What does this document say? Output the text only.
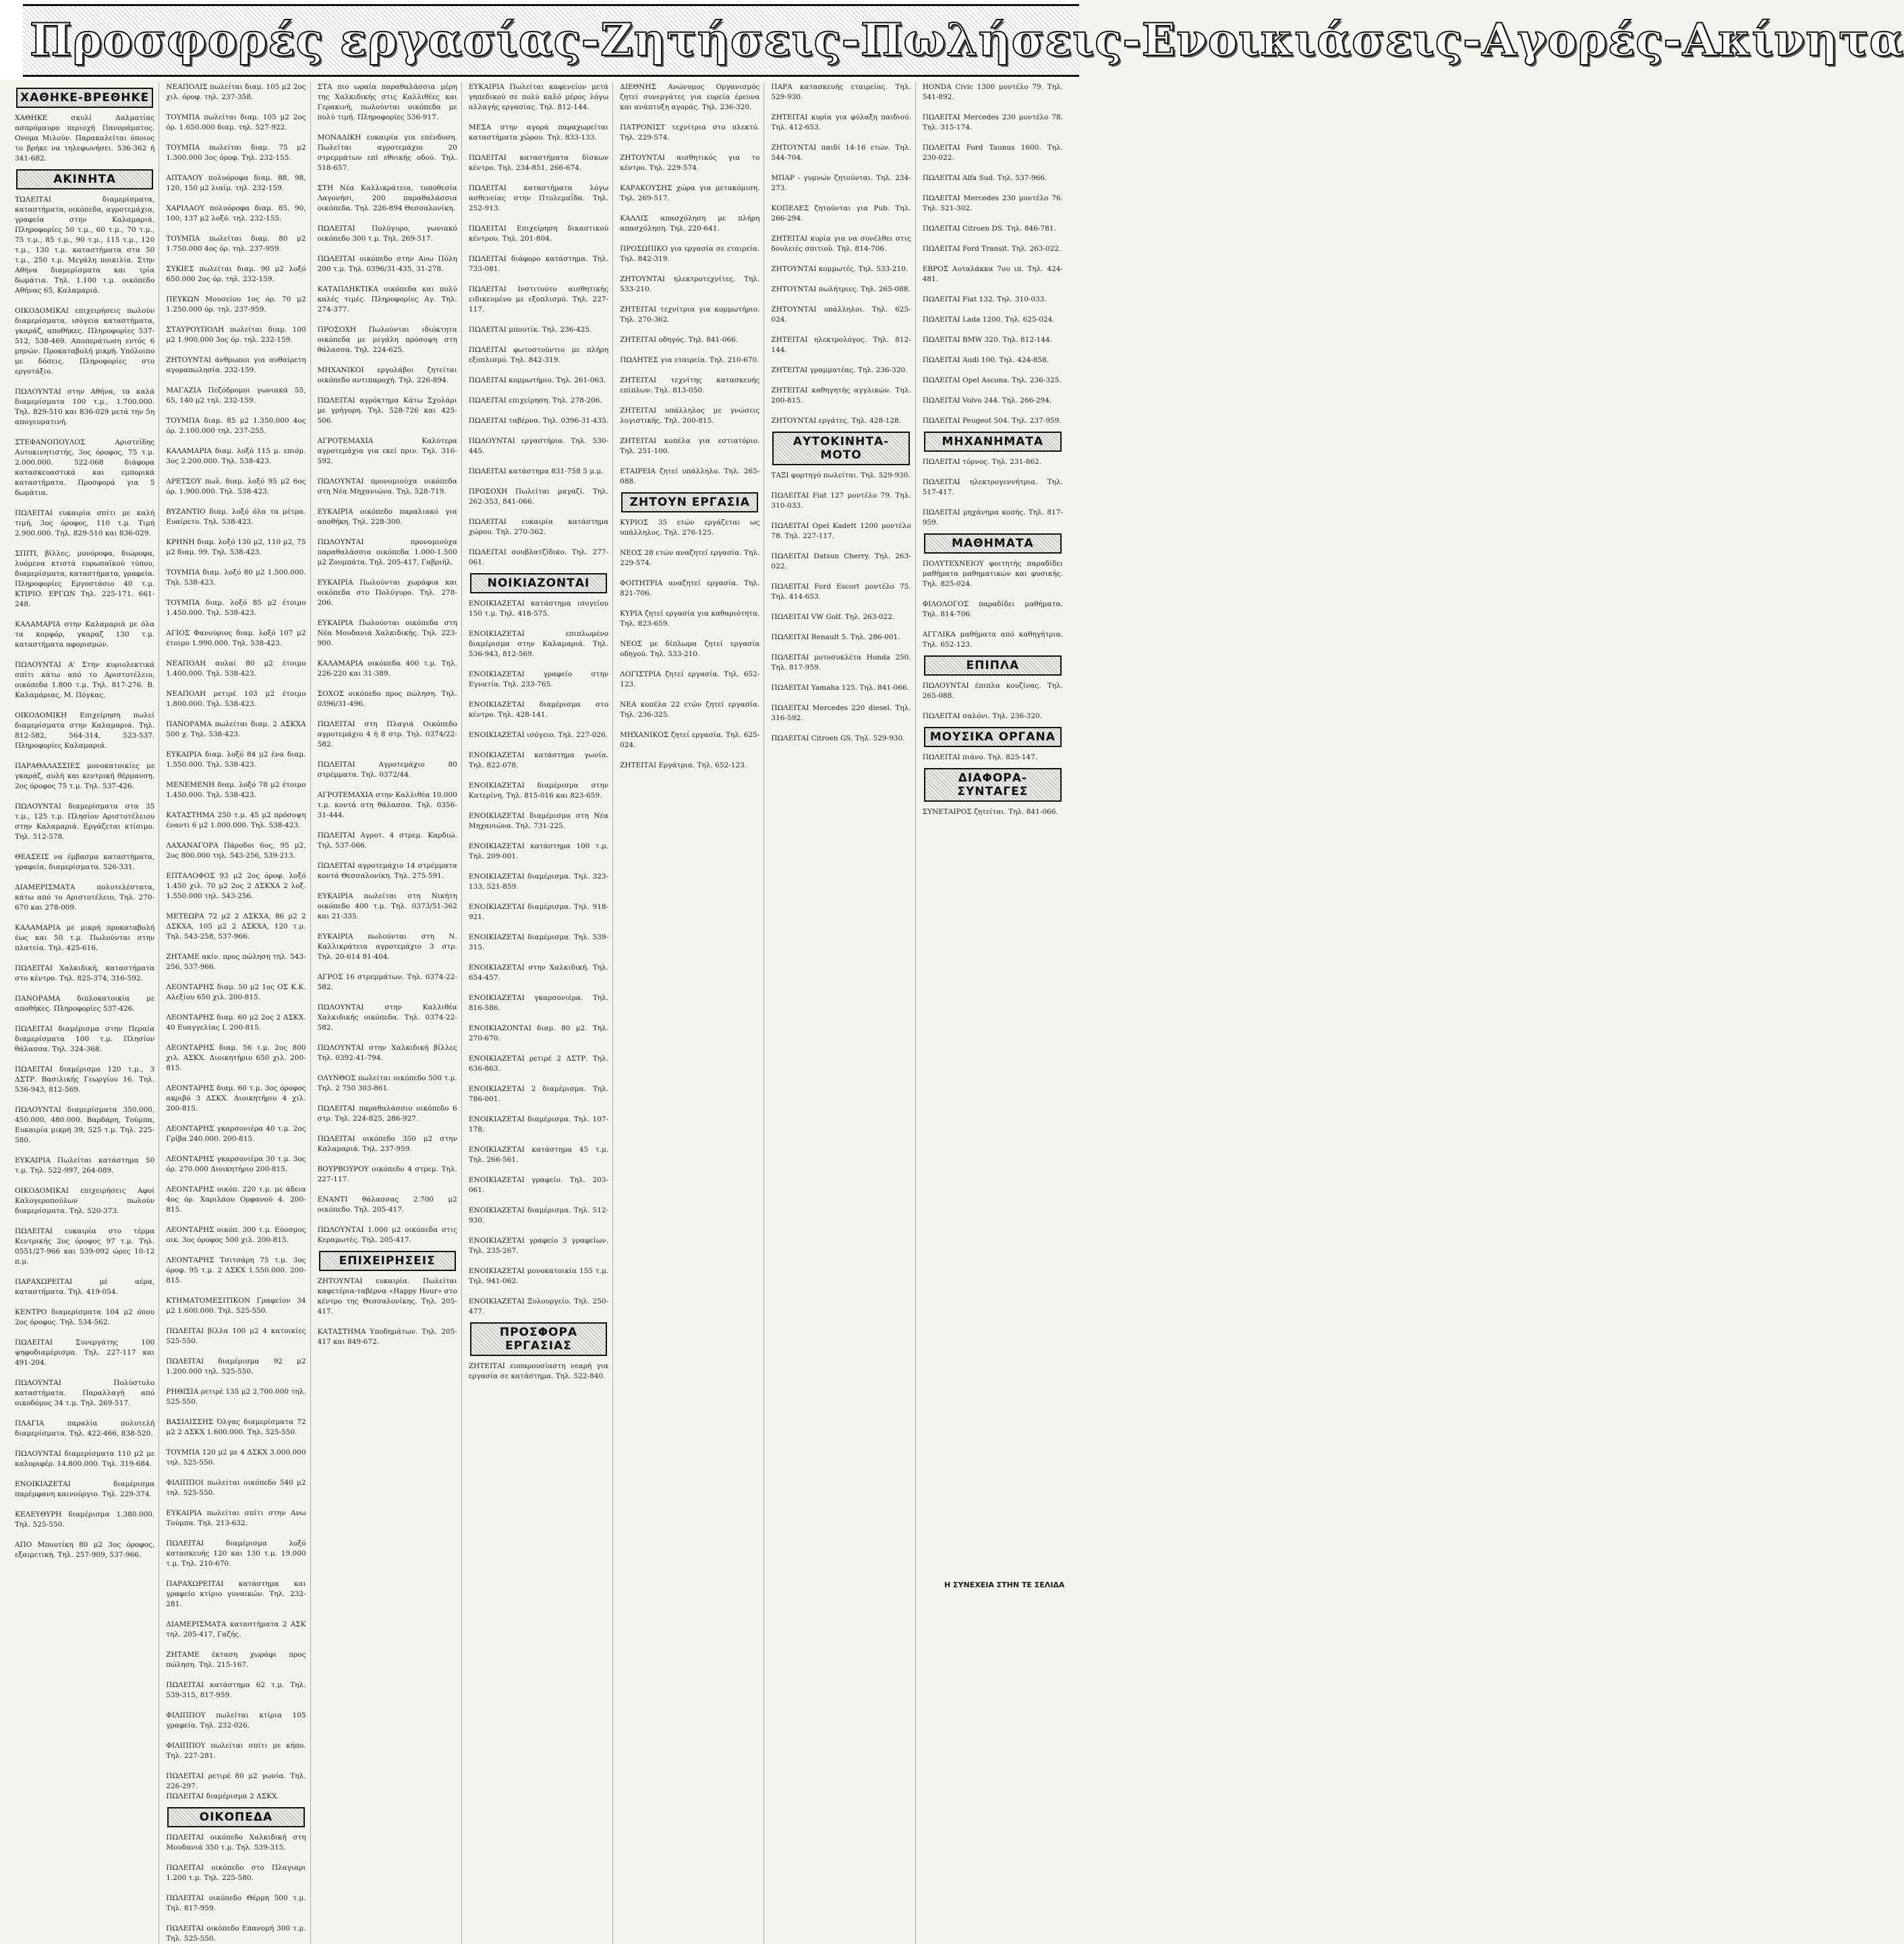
Προσφορές εργασίας-Ζητήσεις-Πωλήσεις-Ενοικιάσεις-Αγορές-Ακίνητα
ΧΑΘΗΚΕ-ΒΡΕΘΗΚΕ
ΧΑΘΗΚΕ σκυλί Δαλματίας ασπρόμαυρο περιοχή Πανοράματος. Ονομα Μιλούν. Παρακαλείται όποιος το βρήκε να τηλεφωνήσει. 536-362 ή 341-682.
ΑΚΙΝΗΤΑ
ΤΩΛΕΙΤΑΙ διαμερίσματα, καταστήματα, οικόπεδα, αγροτεμάχια, γραφεία στην Καλαμαριά. Πληροφορίες 50 τ.μ., 60 τ.μ., 70 τ.μ., 75 τ.μ., 85 τ.μ., 90 τ.μ., 115 τ.μ., 120 τ.μ., 130 τ.μ. καταστήματα στα 50 τ.μ., 250 τ.μ. Μεγάλη ποικιλία. Στην Αθήνα διαμερίσματα και τρία δωμάτια. Τηλ. 1.100 τ.μ. οικόπεδο Αθήνας 65, Καλαμαριά.

ΟΙΚΟΔΟΜΙΚΑΙ επιχειρήσεις πωλούν διαμερίσματα, ισόγεια καταστήματα, γκαράζ, αποθήκες. Πληροφορίες 537-512, 538-469. Αποπεράτωση εντός 6 μηνών. Προκαταβολή μικρή. Υπόλοιπο με δόσεις. Πληροφορίες στο εργοτάξιο.

ΠΩΛΟΥΝΤΑΙ στην Αθήνα, τα καλά διαμερίσματα 100 τ.μ., 1.700.000. Τηλ. 829-510 και 836-029 μετά την 5η απογευματινή.

ΣΤΕΦΑΝΟΠΟΥΛΟΣ Αριστείδης Αυτοκινητιστής, 3ος όροφος, 75 τ.μ. 2.000.000. 522-068 διάφορα κατασκευαστικά και εμπορικά καταστήματα. Προσφορά για 5 δωμάτια.

ΠΩΛΕΙΤΑΙ ευκαιρία σπίτι με καλή τιμή, 3ος όροφος, 110 τ.μ. Τιμή 2.900.000. Τηλ. 829-510 και 836-029.

ΣΠΙΤΙ, βίλλες, μονόροφα, διώροφα, λυόμενα κτιστά ευρωπαϊκού τύπου, διαμερίσματα, καταστήματα, γραφεία. Πληροφορίες Εργοστάσιο 40 τ.μ. ΚΤΙΡΙΟ. ΕΡΓΩΝ Τηλ. 225-171. 661-248.

ΚΑΛΑΜΑΡΙΑ στην Καλαμαριά με όλα τα κομφόρ, γκαραζ 130 τ.μ. καταστήματα αφορισμών.

ΠΩΛΟΥΝΤΑΙ Α' Στην κυριολεκτικά σπίτι κάτω από το Αριστοτέλειο, οικόπεδα 1.800 τ.μ. Τηλ. 817-276. Β. Καλαμάριας, Μ. Πόγκας.

ΟΙΚΟΔΟΜΙΚΗ Επιχείρηση πωλεί διαμερίσματα στην Καλαμαριά. Τηλ. 812-582, 564-314, 523-537. Πληροφορίες Καλαμαριά.

ΠΑΡΑΘΑΛΑΣΣΙΕΣ μονοκατοικίες με γκαράζ, αυλή και κεντρική θέρμανση. 2ος όροφος 75 τ.μ. Τηλ. 537-426.

ΠΩΛΟΥΝΤΑΙ διαμερίσματα στα 35 τ.μ., 125 τ.μ. Πλησίον Αριστοτέλειου στην Καλαμαριά. Εργάζεται κτίσιμο. Τηλ. 512-578.

ΘΕΑΣΕΙΣ να έμβασμα καταστήματα, γραφεία, διαμερίσματα. 526-331.

ΔΙΑΜΕΡΙΣΜΑΤΑ πολυτελέστατα, κάτω από το Αριστοτέλειο, Τηλ. 270-670 και 278-009.

ΚΑΛΑΜΑΡΙΑ με μικρή προκαταβολή έως και 50 τ.μ. Πωλούνται στην πλατεία. Τηλ. 425-616.

ΠΩΛΕΙΤΑΙ Χαλκιδική, καταστήματα στο κέντρο. Τηλ. 825-374, 316-592.

ΠΑΝΟΡΑΜΑ διπλοκατοικία με αποθήκες. Πληροφορίες 537-426.

ΠΩΛΕΙΤΑΙ διαμέρισμα στην Περαία διαμερίσματα 100 τ.μ. Πλησίον θάλασσα. Τηλ. 324-368.

ΠΩΛΕΙΤΑΙ διαμέρισμα 120 τ.μ., 3 ΔΣΤΡ. Βασιλικής Γεωργίου 16. Τηλ. 536-943, 812-569.

ΠΩΛΟΥΝΤΑΙ διαμερίσματα 350.000, 450.000, 480.000. Βαρδάρη, Τούμπα, Ευκαιρία μικρή 39, 525 τ.μ. Τηλ. 225-580.

ΕΥΚΑΙΡΙΑ Πωλείται κατάστημα 50 τ.μ. Τηλ. 522-997, 264-089.

ΟΙΚΟΔΟΜΙΚΑΙ επιχειρήσεις Αφοί Καλογεροπούλων πωλούν διαμερίσματα. Τηλ. 520-373.

ΠΩΛΕΙΤΑΙ ευκαιρία στο τέρμα Κεντρικής 2ος όροφος 97 τ.μ. Τηλ. 0551/27-966 και 539-092 ώρες 10-12 π.μ.

ΠΑΡΑΧΩΡΕΙΤΑΙ μέ αέρα, καταστήματα. Τηλ. 419-054.

ΚΕΝΤΡΟ διαμερίσματα 104 μ2 όπου 2ος όροφος. Τηλ. 534-562.

ΠΩΛΕΙΤΑΙ Συνεργάτης 100 ψηφοδιαμέρισμα. Τηλ. 227-117 και 491-204.

ΠΩΛΟΥΝΤΑΙ Πολύστυλο καταστήματα. Παραλλαγή από οικοδόμος 34 τ.μ. Τηλ. 269-517.

ΠΛΑΓΙΑ παραλία πολυτελή διαμερίσματα. Τηλ. 422-466, 838-520.

ΠΩΛΟΥΝΤΑΙ διαμερίσματα 110 μ2 με καλοριφέρ. 14.800.000. Τηλ. 319-684.

ΕΝΟΙΚΙΑΖΕΤΑΙ διαμέρισμα παρέμφανη καινούργιο. Τηλ. 229-374.

ΚΕΛΕΥΘΥΡΗ διαμέρισμα 1.380.000. Τηλ. 525-550.

ΑΠΟ Μπουτίκη 80 μ2 3ος όροφος, εξαιρετική. Τηλ. 257-909, 537-966.
ΝΕΑΠΟΛΙΣ πωλείται διαμ. 105 μ2 2ος χιλ. όροφ. τηλ. 237-358.

ΤΟΥΜΠΑ πωλείται διαμ. 105 μ2 2ος όρ. 1.650.000 διαμ. τηλ. 527-922.

ΤΟΥΜΠΑ πωλείται διαμ. 75 μ2 1.300.000 3ος όροφ. Τηλ. 232-155.

ΑΠΤΑΛΟΥ πολυόροφα διαμ. 88, 98, 120, 150 μ2 λιαίμ. τηλ. 232-159.

ΧΑΡΙΛΑΟΥ πολυόροφα διαμ. 85, 90, 100, 137 μ2 λοξό. τηλ. 232-155.

ΤΟΥΜΠΑ πωλείται διαμ. 80 μ2 1.750.000 4ος όρ. τηλ. 237-959.

ΣΥΚΙΕΣ πωλείται διαμ. 90 μ2 λοξό 650.000 2ος όρ. τηλ. 232-159.

ΠΕΥΚΩΝ Μουσείου 1ος όρ. 70 μ2 1.250.000 όρ. τηλ. 237-959.

ΣΤΑΥΡΟΥΠΟΛΗ πωλείται διαμ. 100 μ2 1.900.000 3ος όρ. τηλ. 232-159.

ΖΗΤΟΥΝΤΑΙ άνθρωποι για αυθαίρετη αγοραπωλησία. 232-159.

ΜΑΓΑΖΙΑ Πεζόδρομοι γωνιακά 55, 65, 140 μ2 τηλ. 232-159.

ΤΟΥΜΠΑ διαμ. 85 μ2 1.350.000 4ος όρ. 2.100.000 τηλ. 237-255.

ΚΑΛΑΜΑΡΙΑ διαμ. λοξό 115 μ. επιόμ. 3ος 2.200.000. Τηλ. 538-423.

ΑΡΕΤΣΟΥ πωλ. διαμ. λοξό 95 μ2 6ος όρ. 1.900.000. Τηλ. 538-423.

ΒΥΖΑΝΤΙΟ διαμ. λοξό όλα τα μέτρα. Ευαίρετο. Τηλ. 538-423.

ΚΡΗΝΗ διαμ. λοξό 130 μ2, 110 μ2, 75 μ2 διαμ. 99. Τηλ. 538-423.

ΤΟΥΜΠΑ διαμ. λοξό 80 μ2 1.500.000. Τηλ. 538-423.

ΤΟΥΜΠΑ διαμ. λοξό 85 μ2 έτοιμο 1.450.000. Τηλ. 538-423.

ΑΓΙΟΣ Φανούριος διαμ. λοξό 107 μ2 έτοιμο 1.990.000. Τηλ. 538-423.

ΝΕΑΠΟΛΗ αυλαί 80 μ2 έτοιμο 1.400.000. Τηλ. 538-423.

ΝΕΑΠΟΛΗ ρετιρέ 103 μ2 έτοιμο 1.800.000. Τηλ. 538-423.

ΠΑΝΟΡΑΜΑ πωλείται διαμ. 2 ΔΣΚΧΑ 500 χ. Τηλ. 538-423.

ΕΥΚΑΙΡΙΑ διαμ. λοξό 84 μ2 ένα διαμ. 1.550.000. Τηλ. 538-423.

ΜΕΝΕΜΕΝΗ διαμ. λοξό 78 μ2 έτοιμο 1.450.000. Τηλ. 538-423.

ΚΑΤΑΣΤΗΜΑ 250 τ.μ. 45 μ2 πρόσοψη έναντι 6 μ2 1.000.000. Τηλ. 538-423.

ΛΑΧΑΝΑΓΟΡΑ Πάροδοι 6ος, 95 μ2, 2ος 800.000 τηλ. 543-256, 539-213.

ΕΠΤΑΛΟΦΟΣ 93 μ2 2ος όροφ. λοξό 1.450 χιλ. 70 μ2 2ος 2 ΔΣΚΧΑ 2 λοξ. 1.550.000 τηλ. 543-256.

ΜΕΤΕΩΡΑ 72 μ2 2 ΔΣΚΧΑ, 86 μ2 2 ΔΣΚΧΑ, 105 μ2 2 ΔΣΚΧΑ, 120 τ.μ. Τηλ. 543-258, 537-966.

ΖΗΤΑΜΕ ακίν. προς πώληση τηλ. 543-256, 537-966.

ΛΕΟΝΤΑΡΗΣ διαμ. 50 μ2 1ος ΟΣ Κ.Κ. Αλεξίου 650 χιλ. 200-815.

ΛΕΟΝΤΑΡΗΣ διαμ. 60 μ2 2ος 2 ΔΣΚΧ. 40 Ευαγγελίας Ι. 200-815.

ΛΕΟΝΤΑΡΗΣ διαμ. 56 τ.μ. 2ος 800 χιλ. ΑΣΚΧ. Διοικητήριο 650 χιλ. 200-815.

ΛΕΟΝΤΑΡΗΣ διαμ. 60 τ.μ. 3ος όροφος ακριβό 3 ΔΣΚΧ. Διοικητήριο 4 χιλ. 200-815.

ΛΕΟΝΤΑΡΗΣ γκαρσονιέρα 40 τ.μ. 2ος Γρίβα 240.000. 200-815.

ΛΕΟΝΤΑΡΗΣ γκαρσονιέρα 30 τ.μ. 3ος όρ. 270.000 Διοικητήριο 200-815.

ΛΕΟΝΤΑΡΗΣ οικόπ. 220 τ.μ. με άδεια 4ος όρ. Χαριλάου Ορφανού 4. 200-815.

ΛΕΟΝΤΑΡΗΣ οικόπ. 300 τ.μ. Εύοσμος οικ. 3ος όροφος 500 χιλ. 200-815.

ΛΕΟΝΤΑΡΗΣ Τσιτσάρη 75 τ.μ. 3ος όροφ. 95 τ.μ. 2 ΔΣΚΧ 1.550.000. 200-815.

ΚΤΗΜΑΤΟΜΕΣΙΤΙΚΟΝ Γραφείον 34 μ2 1.600.000. Τηλ. 525-550.

ΠΩΛΕΙΤΑΙ βίλλα 100 μ2 4 κατοικίες 525-550.

ΠΩΛΕΙΤΑΙ διαμέρισμα 92 μ2 1.200.000 τηλ. 525-550.

ΡΗΘΙΣΙΑ ρετιρέ 135 μ2 2.700.000 τηλ. 525-550.

ΒΑΣΙΛΙΣΣΗΣ Όλγας διαμερίσματα 72 μ2 2 ΔΣΚΧ 1.600.000. Τηλ. 525-550.

ΤΟΥΜΠΑ 120 μ2 με 4 ΔΣΚΧ 3.000.000 τηλ. 525-550.

ΦΙΛΙΠΠΟΙ πωλείται οικόπεδο 540 μ2 τηλ. 525-550.

ΕΥΚΑΙΡΙΑ πωλείται σπίτι στην Ανω Τούμπα. Τηλ. 213-632.

ΠΩΛΕΙΤΑΙ διαμέρισμα λοξό κατασκευής 120 και 130 τ.μ. 19.000 τ.μ. Τηλ. 210-670.

ΠΑΡΑΧΩΡΕΙΤΑΙ κατάστημα και γραφείο κτίριο γυναικών. Τηλ. 232-281.

ΔΙΑΜΕΡΙΣΜΑΤΑ καταστήματα 2 ΑΣΚ τηλ. 205-417, Γαζής.

ΖΗΤΑΜΕ έκταση χωράφι προς πώληση. Τηλ. 215-167.

ΠΩΛΕΙΤΑΙ κατάστημα 62 τ.μ. Τηλ. 539-315, 817-959.

ΦΙΛΙΠΠΟΥ πωλείται κτίρια 105 γραφεία. Τηλ. 232-026.

ΦΙΛΙΠΠΟΥ πωλείται σπίτι με κήπο. Τηλ. 227-281.

ΠΩΛΕΙΤΑΙ ρετιρέ 80 μ2 γωνία. Τηλ. 226-297.
ΠΩΛΕΙΤΑΙ διαμέρισμα 2 ΔΣΚΧ.
ΟΙΚΟΠΕΔΑ
ΠΩΛΕΙΤΑΙ οικόπεδο Χαλκιδική στη Μουδανιά 350 τ.μ. Τηλ. 539-315.

ΠΩΛΕΙΤΑΙ οικόπεδο στο Πλαγιαρι 1.200 τ.μ. Τηλ. 225-580.

ΠΩΛΕΙΤΑΙ οικόπεδο Θέρμη 500 τ.μ. Τηλ. 817-959.

ΠΩΛΕΙΤΑΙ οικόπεδο Επανομή 300 τ.μ. Τηλ. 525-550.
ΣΤΑ πιο ωραία παραθαλάσσια μέρη της Χαλκιδικής στις Καλλιθέες και Γερακινή, πωλούνται οικόπεδα με πολύ τιμή. Πληροφορίες 536-917.

ΜΟΝΑΔΙΚΗ ευκαιρία για επένδυση. Πωλείται αγροτεμάχιο 20 στρεμμάτων επί εθνικής οδού. Τηλ. 518-657.

ΣΤΗ Νέα Καλλικράτεια, τοποθεσία Λαγονήσι, 200 παραθαλάσσια οικόπεδα. Τηλ. 226-894 Θεσσαλονίκη.

ΠΩΛΕΙΤΑΙ Πολύγυρο, γωνιακό οικόπεδο 300 τ.μ. Τηλ. 269-517.

ΠΩΛΕΙΤΑΙ οικόπεδο στην Ανω Πόλη 200 τ.μ. Τηλ. 0396/31-435, 31-278.

ΚΑΤΑΠΛΗΚΤΙΚΑ οικόπεδα και πολύ καλές τιμές. Πληροφορίες Αγ. Τηλ. 274-377.

ΠΡΟΣΟΧΗ Πωλούνται ιδιόκτητα οικόπεδα με μεγάλη πρόσοψη στη θάλασσα. Τηλ. 224-625.

ΜΗΧΑΝΙΚΟΙ εργολάβοι ζητείται οικόπεδο αντιπαροχή. Τηλ. 226-894.

ΠΩΛΕΙΤΑΙ αγρόκτημα Κάτω Σχολάρι με γρήγορη. Τηλ. 528-726 και 425-506.

ΑΓΡΟΤΕΜΑΧΙΑ Καλύτερα αγροτεμάχια για εκεί πριν. Τηλ. 316-592.

ΠΩΛΟΥΝΤΑΙ προνομιούχα οικόπεδα στη Νέα Μηχανιώνα. Τηλ. 528-719.

ΕΥΚΑΙΡΙΑ οικόπεδο παραλιακό για αποθήκη. Τηλ. 228-300.

ΠΩΛΟΥΝΤΑΙ προνομιούχα παραθαλάσσια οικόπεδα 1.000-1.500 μ2 Ζουμπάτα. Τηλ. 205-417, Γαβριήλ.

ΕΥΚΑΙΡΙΑ Πωλούνται χωράφια και οικόπεδα στο Πολύγυρο. Τηλ. 278-206.

ΕΥΚΑΙΡΙΑ Πωλούνται οικόπεδα στη Νέα Μουδανιά Χαλκιδικής. Τηλ. 223-900.

ΚΑΛΑΜΑΡΙΑ οικόπεδα 400 τ.μ. Τηλ. 226-220 και 31-389.

ΣΟΧΟΣ οικόπεδο προς πώληση. Τηλ. 0396/31-496.

ΠΩΛΕΙΤΑΙ στη Πλαγιά Οικόπεδο αγροτεμάχιο 4 ή 8 στρ. Τηλ. 0374/22-582.

ΠΩΛΕΙΤΑΙ Αγροτεμάχιο 80 στρέμματα. Τηλ. 0372/44.

ΑΓΡΟΤΕΜΑΧΙΑ στην Καλλιθέα 10.000 τ.μ. κοντά στη θάλασσα. Τηλ. 0356-31-444.

ΠΩΛΕΙΤΑΙ Αγροτ. 4 στρεμ. Καρδιώ. Τηλ. 537-066.

ΠΩΛΕΙΤΑΙ αγροτεμάχιο 14 στρέμματα κοντά Θεσσαλονίκη. Τηλ. 275-591.

ΕΥΚΑΙΡΙΑ πωλείται στη Νικήτη οικόπεδο 400 τ.μ. Τηλ. 0373/51-362 και 21-335.

ΕΥΚΑΙΡΙΑ πωλούνται στη Ν. Καλλικράτεια αγροτεμάχιο 3 στρ. Τηλ. 20-614 81-404.

ΑΓΡΟΣ 16 στρεμμάτων. Τηλ. 0374-22-582.

ΠΩΛΟΥΝΤΑΙ στην Καλλιθέα Χαλκιδικής οικόπεδα. Τηλ. 0374-22-582.

ΠΩΛΟΥΝΤΑΙ στην Χαλκιδική βίλλες Τηλ. 0392-41-794.

ΟΛΥΝΘΟΣ πωλείται οικόπεδο 500 τ.μ. Τηλ. 2 750 303-861.

ΠΩΛΕΙΤΑΙ παραθαλάσσιο οικόπεδο 6 στρ. Τηλ. 224-825, 286-927.

ΠΩΛΕΙΤΑΙ οικόπεδο 350 μ2 στην Καλαμαριά. Τηλ. 237-959.

ΒΟΥΡΒΟΥΡΟΥ οικόπεδο 4 στρεμ. Τηλ. 227-117.

ΕΝΑΝΤΙ θάλασσας 2.700 μ2 οικόπεδο. Τηλ. 205-417.

ΠΩΛΟΥΝΤΑΙ 1.000 μ2 οικόπεδα στις Κεραμωτές. Τηλ. 205-417.
ΕΠΙΧΕΙΡΗΣΕΙΣ
ΖΗΤΟΥΝΤΑΙ ευκαιρία. Πωλείται καφετέρια-ταβέρνα «Happy Hour» στο κέντρο της Θεσσαλονίκης. Τηλ. 205-417.

ΚΑΤΑΣΤΗΜΑ Υποδημάτων. Τηλ. 205-417 και 849-672.
ΕΥΚΑΙΡΙΑ Πωλείται καφενείον μετά γηπεδικού σε πολύ καλό μέρος λόγω αλλαγής εργασίας. Τηλ. 812-144.

ΜΕΣΑ στην αγορά παραχωρείται καταστήματα χώρου. Τηλ. 833-133.

ΠΩΛΕΙΤΑΙ καταστήματα δίσκων κέντρο. Τηλ. 234-851, 266-674.

ΠΩΛΕΙΤΑΙ καταστήματα λόγω ασθενείας στην Πτολεμαΐδα. Τηλ. 252-913.

ΠΩΛΕΙΤΑΙ Επιχείρηση δικαστικού κέντρου. Τηλ. 201-804.

ΠΩΛΕΙΤΑΙ διάφορο κατάστημα. Τηλ. 733-081.

ΠΩΛΕΙΤΑΙ Ινστιτούτο αισθητικής ειδικευμένο με εξοπλισμό. Τηλ. 227-117.

ΠΩΛΕΙΤΑΙ μπουτίκ. Τηλ. 236-425.

ΠΩΛΕΙΤΑΙ φωτοστούντιο με πλήρη εξοπλισμό. Τηλ. 842-319.

ΠΩΛΕΙΤΑΙ κομμωτήριο. Τηλ. 261-063.

ΠΩΛΕΙΤΑΙ επιχείρηση. Τηλ. 278-206.

ΠΩΛΕΙΤΑΙ ταβέρνα. Τηλ. 0396-31-435.

ΠΩΛΟΥΝΤΑΙ εργαστήρια. Τηλ. 530-445.

ΠΩΛΕΙΤΑΙ κατάστημα 831-758 5 μ.μ.

ΠΡΟΣΟΧΗ Πωλείται μαγαζί. Τηλ. 262-353, 841-066.

ΠΩΛΕΙΤΑΙ ευκαιρία κατάστημα χώρου. Τηλ. 270-362.

ΠΩΛΕΙΤΑΙ σουβλατζίδικο. Τηλ. 277-061.
ΝΟΙΚΙΑΖΟΝΤΑΙ
ΕΝΟΙΚΙΑΖΕΤΑΙ κατάστημα ισογείου 150 τ.μ. Τηλ. 418-575.

ΕΝΟΙΚΙΑΖΕΤΑΙ επιπλωμένο διαμέρισμα στην Καλαμαριά. Τηλ. 536-943, 812-569.

ΕΝΟΙΚΙΑΖΕΤΑΙ γραφείο στην Εγνατία. Τηλ. 233-765.

ΕΝΟΙΚΙΑΖΕΤΑΙ διαμέρισμα στο κέντρο. Τηλ. 428-141.

ΕΝΟΙΚΙΑΖΕΤΑΙ ισόγειο. Τηλ. 227-026.

ΕΝΟΙΚΙΑΖΕΤΑΙ κατάστημα γωνία. Τηλ. 822-078.

ΕΝΟΙΚΙΑΖΕΤΑΙ διαμέρισμα στην Κατερίνη. Τηλ. 815-016 και 823-659.

ΕΝΟΙΚΙΑΖΕΤΑΙ διαμέρισμα στη Νέα Μηχανιώνα. Τηλ. 731-225.

ΕΝΟΙΚΙΑΖΕΤΑΙ κατάστημα 100 τ.μ. Τηλ. 209-001.

ΕΝΟΙΚΙΑΖΕΤΑΙ διαμέρισμα. Τηλ. 323-133, 521-859.

ΕΝΟΙΚΙΑΖΕΤΑΙ διαμέρισμα. Τηλ. 918-921.

ΕΝΟΙΚΙΑΖΕΤΑΙ διαμέρισμα. Τηλ. 539-315.

ΕΝΟΙΚΙΑΖΕΤΑΙ στην Χαλκιδική. Τηλ. 654-457.

ΕΝΟΙΚΙΑΖΕΤΑΙ γκαρσονιέρα. Τηλ. 816-586.

ΕΝΟΙΚΙΑΖΟΝΤΑΙ διαμ. 80 μ2. Τηλ. 270-670.

ΕΝΟΙΚΙΑΖΕΤΑΙ ρετιρέ 2 ΔΣΤΡ. Τηλ. 636-863.

ΕΝΟΙΚΙΑΖΕΤΑΙ 2 διαμέρισμα. Τηλ. 786-001.

ΕΝΟΙΚΙΑΖΕΤΑΙ διαμέρισμα. Τηλ. 107-178.

ΕΝΟΙΚΙΑΖΕΤΑΙ κατάστημα 45 τ.μ. Τηλ. 266-561.

ΕΝΟΙΚΙΑΖΕΤΑΙ γραφείο. Τηλ. 203-061.

ΕΝΟΙΚΙΑΖΕΤΑΙ διαμέρισμα. Τηλ. 512-930.

ΕΝΟΙΚΙΑΖΕΤΑΙ γραφείο 3 γραφείων. Τηλ. 235-267.

ΕΝΟΙΚΙΑΖΕΤΑΙ μονοκατοικία 155 τ.μ. Τηλ. 941-062.

ΕΝΟΙΚΙΑΖΕΤΑΙ Ξυλουργείο. Τηλ. 250-477.
ΠΡΟΣΦΟΡΑ ΕΡΓΑΣΙΑΣ
ΖΗΤΕΙΤΑΙ ευπαρουσίαστη νεαρή για εργασία σε κατάστημα. Τηλ. 522-840.
ΔΙΕΘΝΗΣ Ανώνυμος Οργανισμός ζητεί συνεργάτες για ευρεία έρευνα και ανάπτυξη αγοράς. Τηλ. 236-320.

ΠΑΤΡΟΝΙΣΤ τεχνίτρια στο πλεκτό. Τηλ. 229-574.

ΖΗΤΟΥΝΤΑΙ αισθητικός για το κέντρο. Τηλ. 229-574.

ΚΑΡΑΚΟΥΣΗΣ χώρα για μετακόμιση. Τηλ. 269-517.

ΚΑΛΛΙΣ απασχόληση με πλήρη απασχόληση. Τηλ. 220-641.

ΠΡΟΣΩΠΙΚΟ για εργασία σε εταιρεία. Τηλ. 842-319.

ΖΗΤΟΥΝΤΑΙ ηλεκτροτεχνίτες. Τηλ. 533-210.

ΖΗΤΕΙΤΑΙ τεχνίτρια για κομμωτήριο. Τηλ. 270-362.

ΖΗΤΕΙΤΑΙ οδηγός. Τηλ. 841-066.

ΠΩΛΗΤΕΣ για εταιρεία. Τηλ. 210-670.

ΖΗΤΕΙΤΑΙ τεχνίτης κατασκευής επίπλων. Τηλ. 813-050.

ΖΗΤΕΙΤΑΙ υπάλληλος με γνώσεις λογιστικής. Τηλ. 200-815.

ΖΗΤΕΙΤΑΙ κοπέλα για εστιατόριο. Τηλ. 251-100.

ΕΤΑΙΡΕΙΑ ζητεί υπάλληλο. Τηλ. 265-088.
ΖΗΤΟΥΝ ΕΡΓΑΣΙΑ
ΚΥΡΙΟΣ 35 ετών εργάζεται ως υπάλληλος. Τηλ. 276-125.

ΝΕΟΣ 28 ετών αναζητεί εργασία. Τηλ. 229-574.

ΦΟΙΤΗΤΡΙΑ αναζητεί εργασία. Τηλ. 821-706.

ΚΥΡΙΑ ζητεί εργασία για καθαριότητα. Τηλ. 823-659.

ΝΕΟΣ με δίπλωμα ζητεί εργασία οδηγού. Τηλ. 533-210.

ΛΟΓΙΣΤΡΙΑ ζητεί εργασία. Τηλ. 652-123.

ΝΕΑ κοπέλα 22 ετών ζητεί εργασία. Τηλ. 236-325.

ΜΗΧΑΝΙΚΟΣ ζητεί εργασία. Τηλ. 625-024.

ΖΗΤΕΙΤΑΙ Εργάτρια. Τηλ. 652-123.
ΠΑΡΑ κατασκευής εταιρείας. Τηλ. 529-930.

ΖΗΤΕΙΤΑΙ κυρία για φύλαξη παιδιού. Τηλ. 412-653.

ΖΗΤΟΥΝΤΑΙ παιδί 14-16 ετών. Τηλ. 544-704.

ΜΠΑΡ - γυμνών ζητούνται. Τηλ. 234-273.

ΚΟΠΕΛΕΣ ζητούνται για Pub. Τηλ. 266-294.

ΖΗΤΕΙΤΑΙ κυρία για να συνέλθει στις δουλειές σπιτιού. Τηλ. 814-706.

ΖΗΤΟΥΝΤΑΙ κομμωτές. Τηλ. 533-210.

ΖΗΤΟΥΝΤΑΙ πωλήτριες. Τηλ. 265-088.

ΖΗΤΟΥΝΤΑΙ υπάλληλοι. Τηλ. 625-024.

ΖΗΤΕΙΤΑΙ ηλεκτρολόγος. Τηλ. 812-144.

ΖΗΤΕΙΤΑΙ γραμματέας. Τηλ. 236-320.

ΖΗΤΕΙΤΑΙ καθηγητής αγγλικών. Τηλ. 200-815.

ΖΗΤΟΥΝΤΑΙ εργάτες. Τηλ. 428-128.
ΑΥΤΟΚΙΝΗΤΑ-ΜΟΤΟ
ΤΑΞΙ φορτηγό πωλείται. Τηλ. 529-930.

ΠΩΛΕΙΤΑΙ Fiat 127 μοντέλο 79. Τηλ. 310-033.

ΠΩΛΕΙΤΑΙ Opel Kadett 1200 μοντέλο 78. Τηλ. 227-117.

ΠΩΛΕΙΤΑΙ Datsun Cherry. Τηλ. 263-022.

ΠΩΛΕΙΤΑΙ Ford Escort μοντέλο 75. Τηλ. 414-653.

ΠΩΛΕΙΤΑΙ VW Golf. Τηλ. 263-022.

ΠΩΛΕΙΤΑΙ Renault 5. Τηλ. 286-001.

ΠΩΛΕΙΤΑΙ μοτοσυκλέτα Honda 250. Τηλ. 817-959.

ΠΩΛΕΙΤΑΙ Yamaha 125. Τηλ. 841-066.

ΠΩΛΕΙΤΑΙ Mercedes 220 diesel. Τηλ. 316-592.

ΠΩΛΕΙΤΑΙ Citroen GS. Τηλ. 529-930.
HONDA Civic 1300 μοντέλο 79. Τηλ. 541-892.

ΠΩΛΕΙΤΑΙ Mercedes 230 μοντέλο 78. Τηλ. 315-174.

ΠΩΛΕΙΤΑΙ Ford Taunus 1600. Τηλ. 230-022.

ΠΩΛΕΙΤΑΙ Alfa Sud. Τηλ. 537-966.

ΠΩΛΕΙΤΑΙ Mercedes 230 μοντέλο 76. Τηλ. 521-302.

ΠΩΛΕΙΤΑΙ Citroen DS. Τηλ. 846-781.

ΠΩΛΕΙΤΑΙ Ford Transit. Τηλ. 263-022.

ΕΒΡΟΣ Αυταλάκκα 7ου ιπ. Τηλ. 424-481.

ΠΩΛΕΙΤΑΙ Fiat 132. Τηλ. 310-033.

ΠΩΛΕΙΤΑΙ Lada 1200. Τηλ. 625-024.

ΠΩΛΕΙΤΑΙ BMW 320. Τηλ. 812-144.

ΠΩΛΕΙΤΑΙ Audi 100. Τηλ. 424-858.

ΠΩΛΕΙΤΑΙ Opel Ascona. Τηλ. 236-325.

ΠΩΛΕΙΤΑΙ Volvo 244. Τηλ. 266-294.

ΠΩΛΕΙΤΑΙ Peugeot 504. Τηλ. 237-959.
ΜΗΧΑΝΗΜΑΤΑ
ΠΩΛΕΙΤΑΙ τόρνος. Τηλ. 231-862.

ΠΩΛΕΙΤΑΙ ηλεκτρογεννήτρια. Τηλ. 517-417.

ΠΩΛΕΙΤΑΙ μηχάνημα κοπής. Τηλ. 817-959.
ΜΑΘΗΜΑΤΑ
ΠΟΛΥΤΕΧΝΕΙΟΥ φοιτητής παραδίδει μαθήματα μαθηματικών και φυσικής. Τηλ. 825-024.

ΦΙΛΟΛΟΓΟΣ παραδίδει μαθήματα. Τηλ. 814-706.

ΑΓΓΛΙΚΑ μαθήματα από καθηγήτρια. Τηλ. 652-123.
ΕΠΙΠΛΑ
ΠΩΛΟΥΝΤΑΙ έπιπλα κουζίνας. Τηλ. 265-088.

ΠΩΛΕΙΤΑΙ σαλόνι. Τηλ. 236-320.
ΜΟΥΣΙΚΑ ΟΡΓΑΝΑ
ΠΩΛΕΙΤΑΙ πιάνο. Τηλ. 825-147.
ΔΙΑΦΟΡΑ-ΣΥΝΤΑΓΕΣ
ΣΥΝΕΤΑΙΡΟΣ ζητείται. Τηλ. 841-066.
Η ΣΥΝΕΧΕΙΑ ΣΤΗΝ ΤΕ ΣΕΛΙΔΑ
